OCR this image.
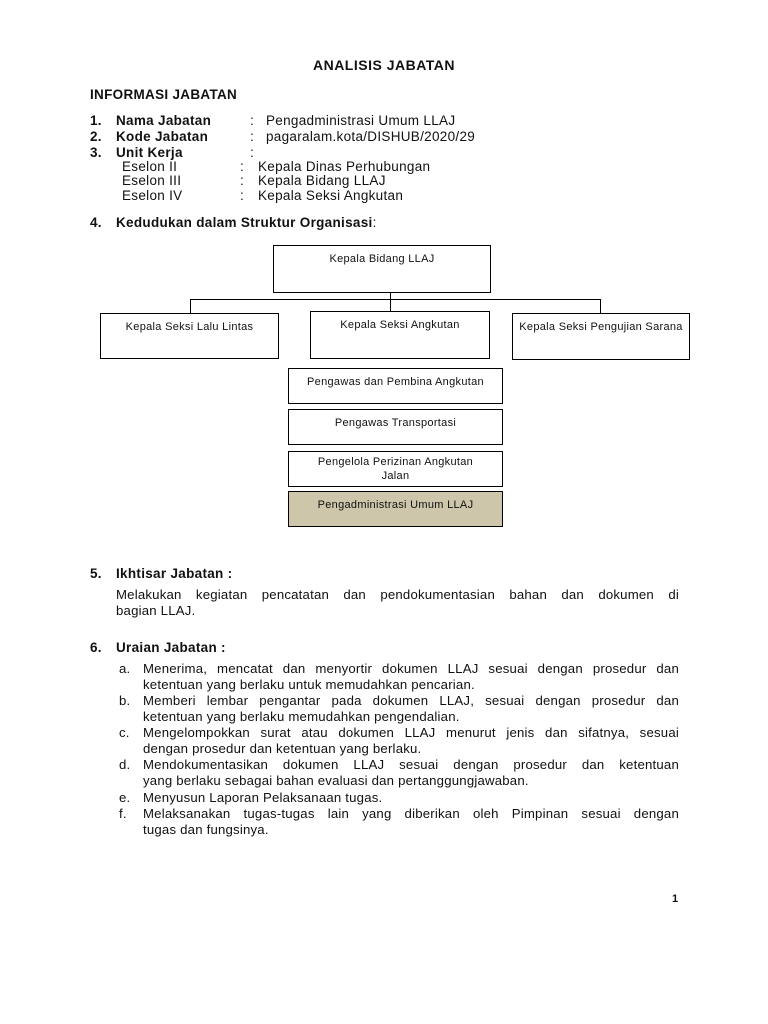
ANALISIS JABATAN
INFORMASI JABATAN
1. Nama Jabatan	: Pengadministrasi Umum LLAJ
2. Kode Jabatan	: pagaralam.kota/DISHUB/2020/29
3. Unit Kerja	:
Eselon II	: Kepala Dinas Perhubungan
Eselon III	: Kepala Bidang LLAJ
Eselon IV	: Kepala Seksi Angkutan
4. Kedudukan dalam Struktur Organisasi:
Kepala Bidang LLAJ
Kepala Seksi Lalu Lintas	Kepala Seksi Angkutan	Kepala Seksi Pengujian Sarana
Pengawas dan Pembina Angkutan
Pengawas Transportasi
Pengelola Perizinan Angkutan Jalan
Pengadministrasi Umum LLAJ
5. Ikhtisar Jabatan :
Melakukan kegiatan pencatatan dan pendokumentasian bahan dan dokumen di
bagian LLAJ.
6. Uraian Jabatan :
a. Menerima, mencatat dan menyortir dokumen LLAJ sesuai dengan prosedur dan
ketentuan yang berlaku untuk memudahkan pencarian.
b. Memberi lembar pengantar pada dokumen LLAJ, sesuai dengan prosedur dan
ketentuan yang berlaku memudahkan pengendalian.
c. Mengelompokkan surat atau dokumen LLAJ menurut jenis dan sifatnya, sesuai
dengan prosedur dan ketentuan yang berlaku.
d. Mendokumentasikan dokumen LLAJ sesuai dengan prosedur dan ketentuan
yang berlaku sebagai bahan evaluasi dan pertanggungjawaban.
e. Menyusun Laporan Pelaksanaan tugas.
f. Melaksanakan tugas-tugas lain yang diberikan oleh Pimpinan sesuai dengan
tugas dan fungsinya.
1
